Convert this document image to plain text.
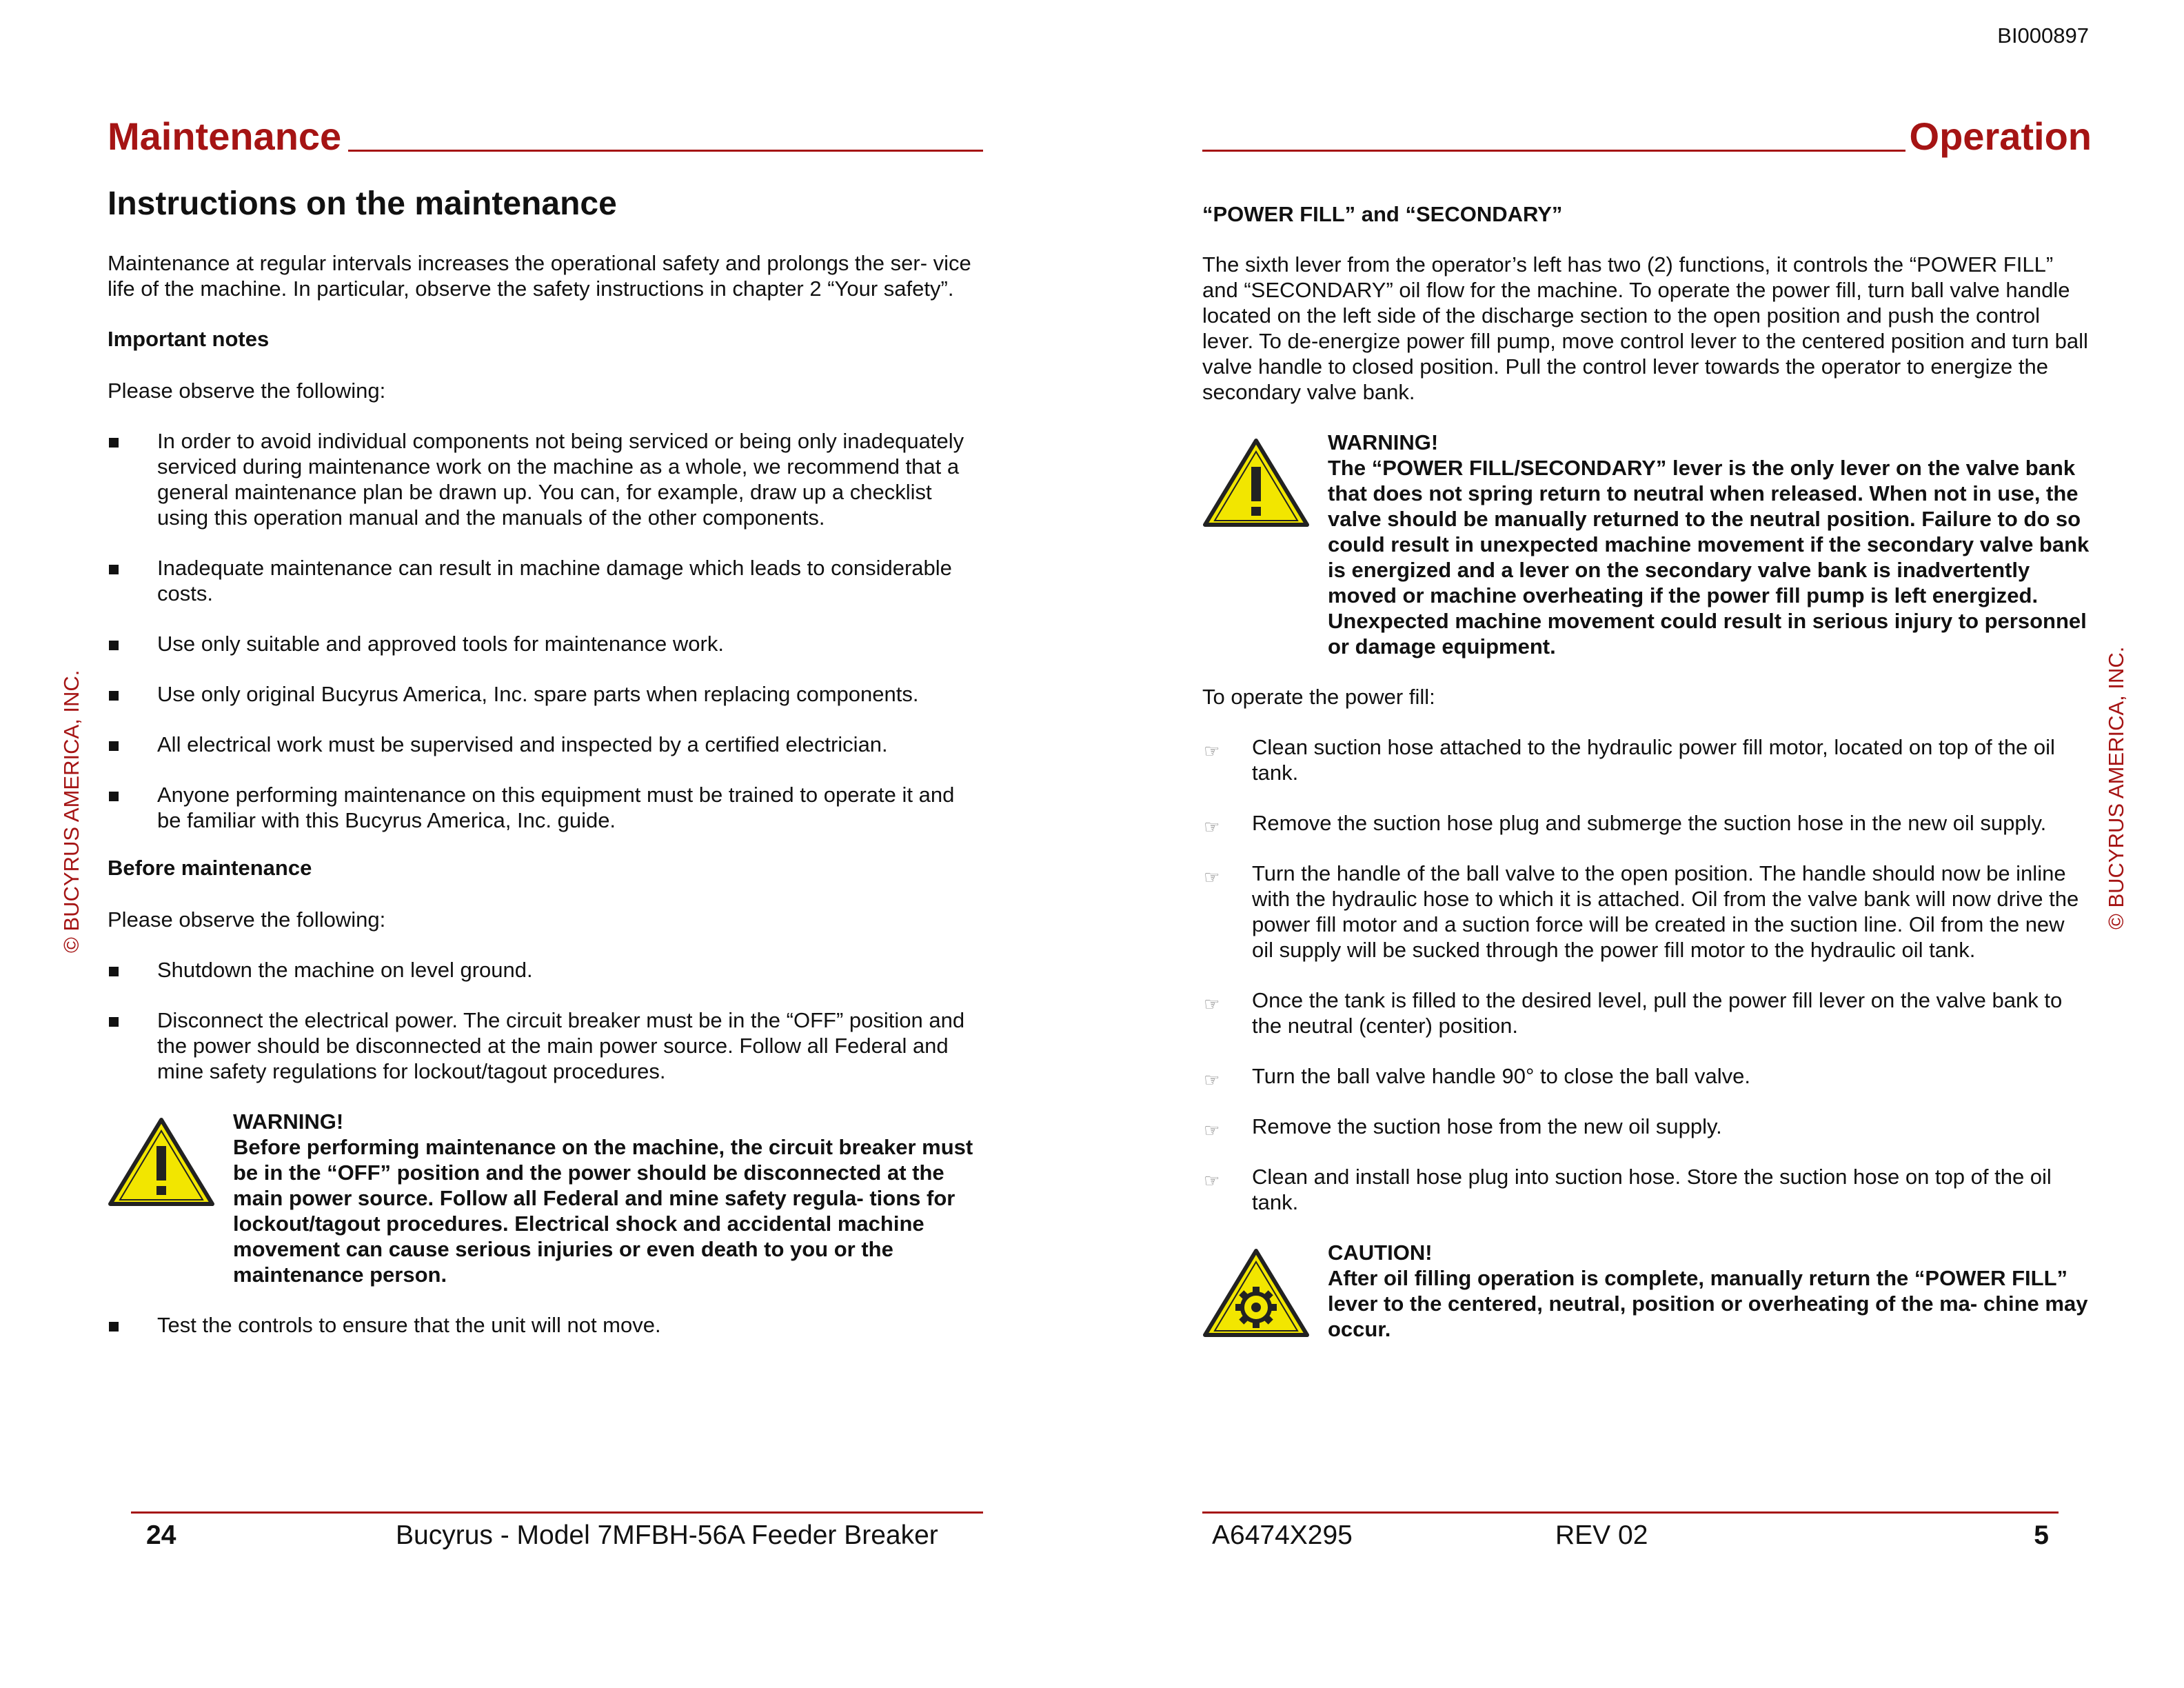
BI000897
© BUCYRUS AMERICA, INC.	© BUCYRUS AMERICA, INC.
Maintenance
Instructions on the maintenance

Maintenance at regular intervals increases the operational safety and prolongs the ser- vice life of the machine. In particular, observe the safety instructions in chapter 2 “Your safety”.

Important notes

Please observe the following:

In order to avoid individual components not being serviced or being only inadequately serviced during maintenance work on the machine as a whole, we recommend that a general maintenance plan be drawn up. You can, for example, draw up a checklist using this operation manual and the manuals of the other components.
Inadequate maintenance can result in machine damage which leads to considerable costs.
Use only suitable and approved tools for maintenance work.
Use only original Bucyrus America, Inc. spare parts when replacing components.
All electrical work must be supervised and inspected by a certified electrician.
Anyone performing maintenance on this equipment must be trained to operate it and be familiar with this Bucyrus America, Inc. guide.
Before maintenance

Please observe the following:

Shutdown the machine on level ground.
Disconnect the electrical power. The circuit breaker must be in the “OFF” position and the power should be disconnected at the main power source. Follow all Federal and mine safety regulations for lockout/tagout procedures.
WARNING!
Before performing maintenance on the machine, the circuit breaker must be in the “OFF” position and the power should be disconnected at the main power source. Follow all Federal and mine safety regula- tions for lockout/tagout procedures. Electrical shock and accidental machine movement can cause serious injuries or even death to you or the maintenance person.
Test the controls to ensure that the unit will not move.
24	Bucyrus - Model 7MFBH-56A Feeder Breaker
Operation
“POWER FILL” and “SECONDARY”

The sixth lever from the operator’s left has two (2) functions, it controls the “POWER FILL” and “SECONDARY” oil flow for the machine. To operate the power fill, turn ball valve handle located on the left side of the discharge section to the open position and push the control lever. To de-energize power fill pump, move control lever to the centered position and turn ball valve handle to closed position. Pull the control lever towards the operator to energize the secondary valve bank.

WARNING!
The “POWER FILL/SECONDARY” lever is the only lever on the valve bank that does not spring return to neutral when released. When not in use, the valve should be manually returned to the neutral position. Failure to do so could result in unexpected machine movement if the secondary valve bank is energized and a lever on the secondary valve bank is inadvertently moved or machine overheating if the power fill pump is left energized. Unexpected machine movement could result in serious injury to personnel or damage equipment.

To operate the power fill:

☞ Clean suction hose attached to the hydraulic power fill motor, located on top of the oil tank.
☞ Remove the suction hose plug and submerge the suction hose in the new oil supply.
☞ Turn the handle of the ball valve to the open position. The handle should now be inline with the hydraulic hose to which it is attached. Oil from the valve bank will now drive the power fill motor and a suction force will be created in the suction line. Oil from the new oil supply will be sucked through the power fill motor to the hydraulic oil tank.
☞ Once the tank is filled to the desired level, pull the power fill lever on the valve bank to the neutral (center) position.
☞ Turn the ball valve handle 90° to close the ball valve.
☞ Remove the suction hose from the new oil supply.
☞ Clean and install hose plug into suction hose. Store the suction hose on top of the oil tank.
CAUTION!
After oil filling operation is complete, manually return the “POWER FILL” lever to the centered, neutral, position or overheating of the ma- chine may occur.
A6474X295	REV 02	5
